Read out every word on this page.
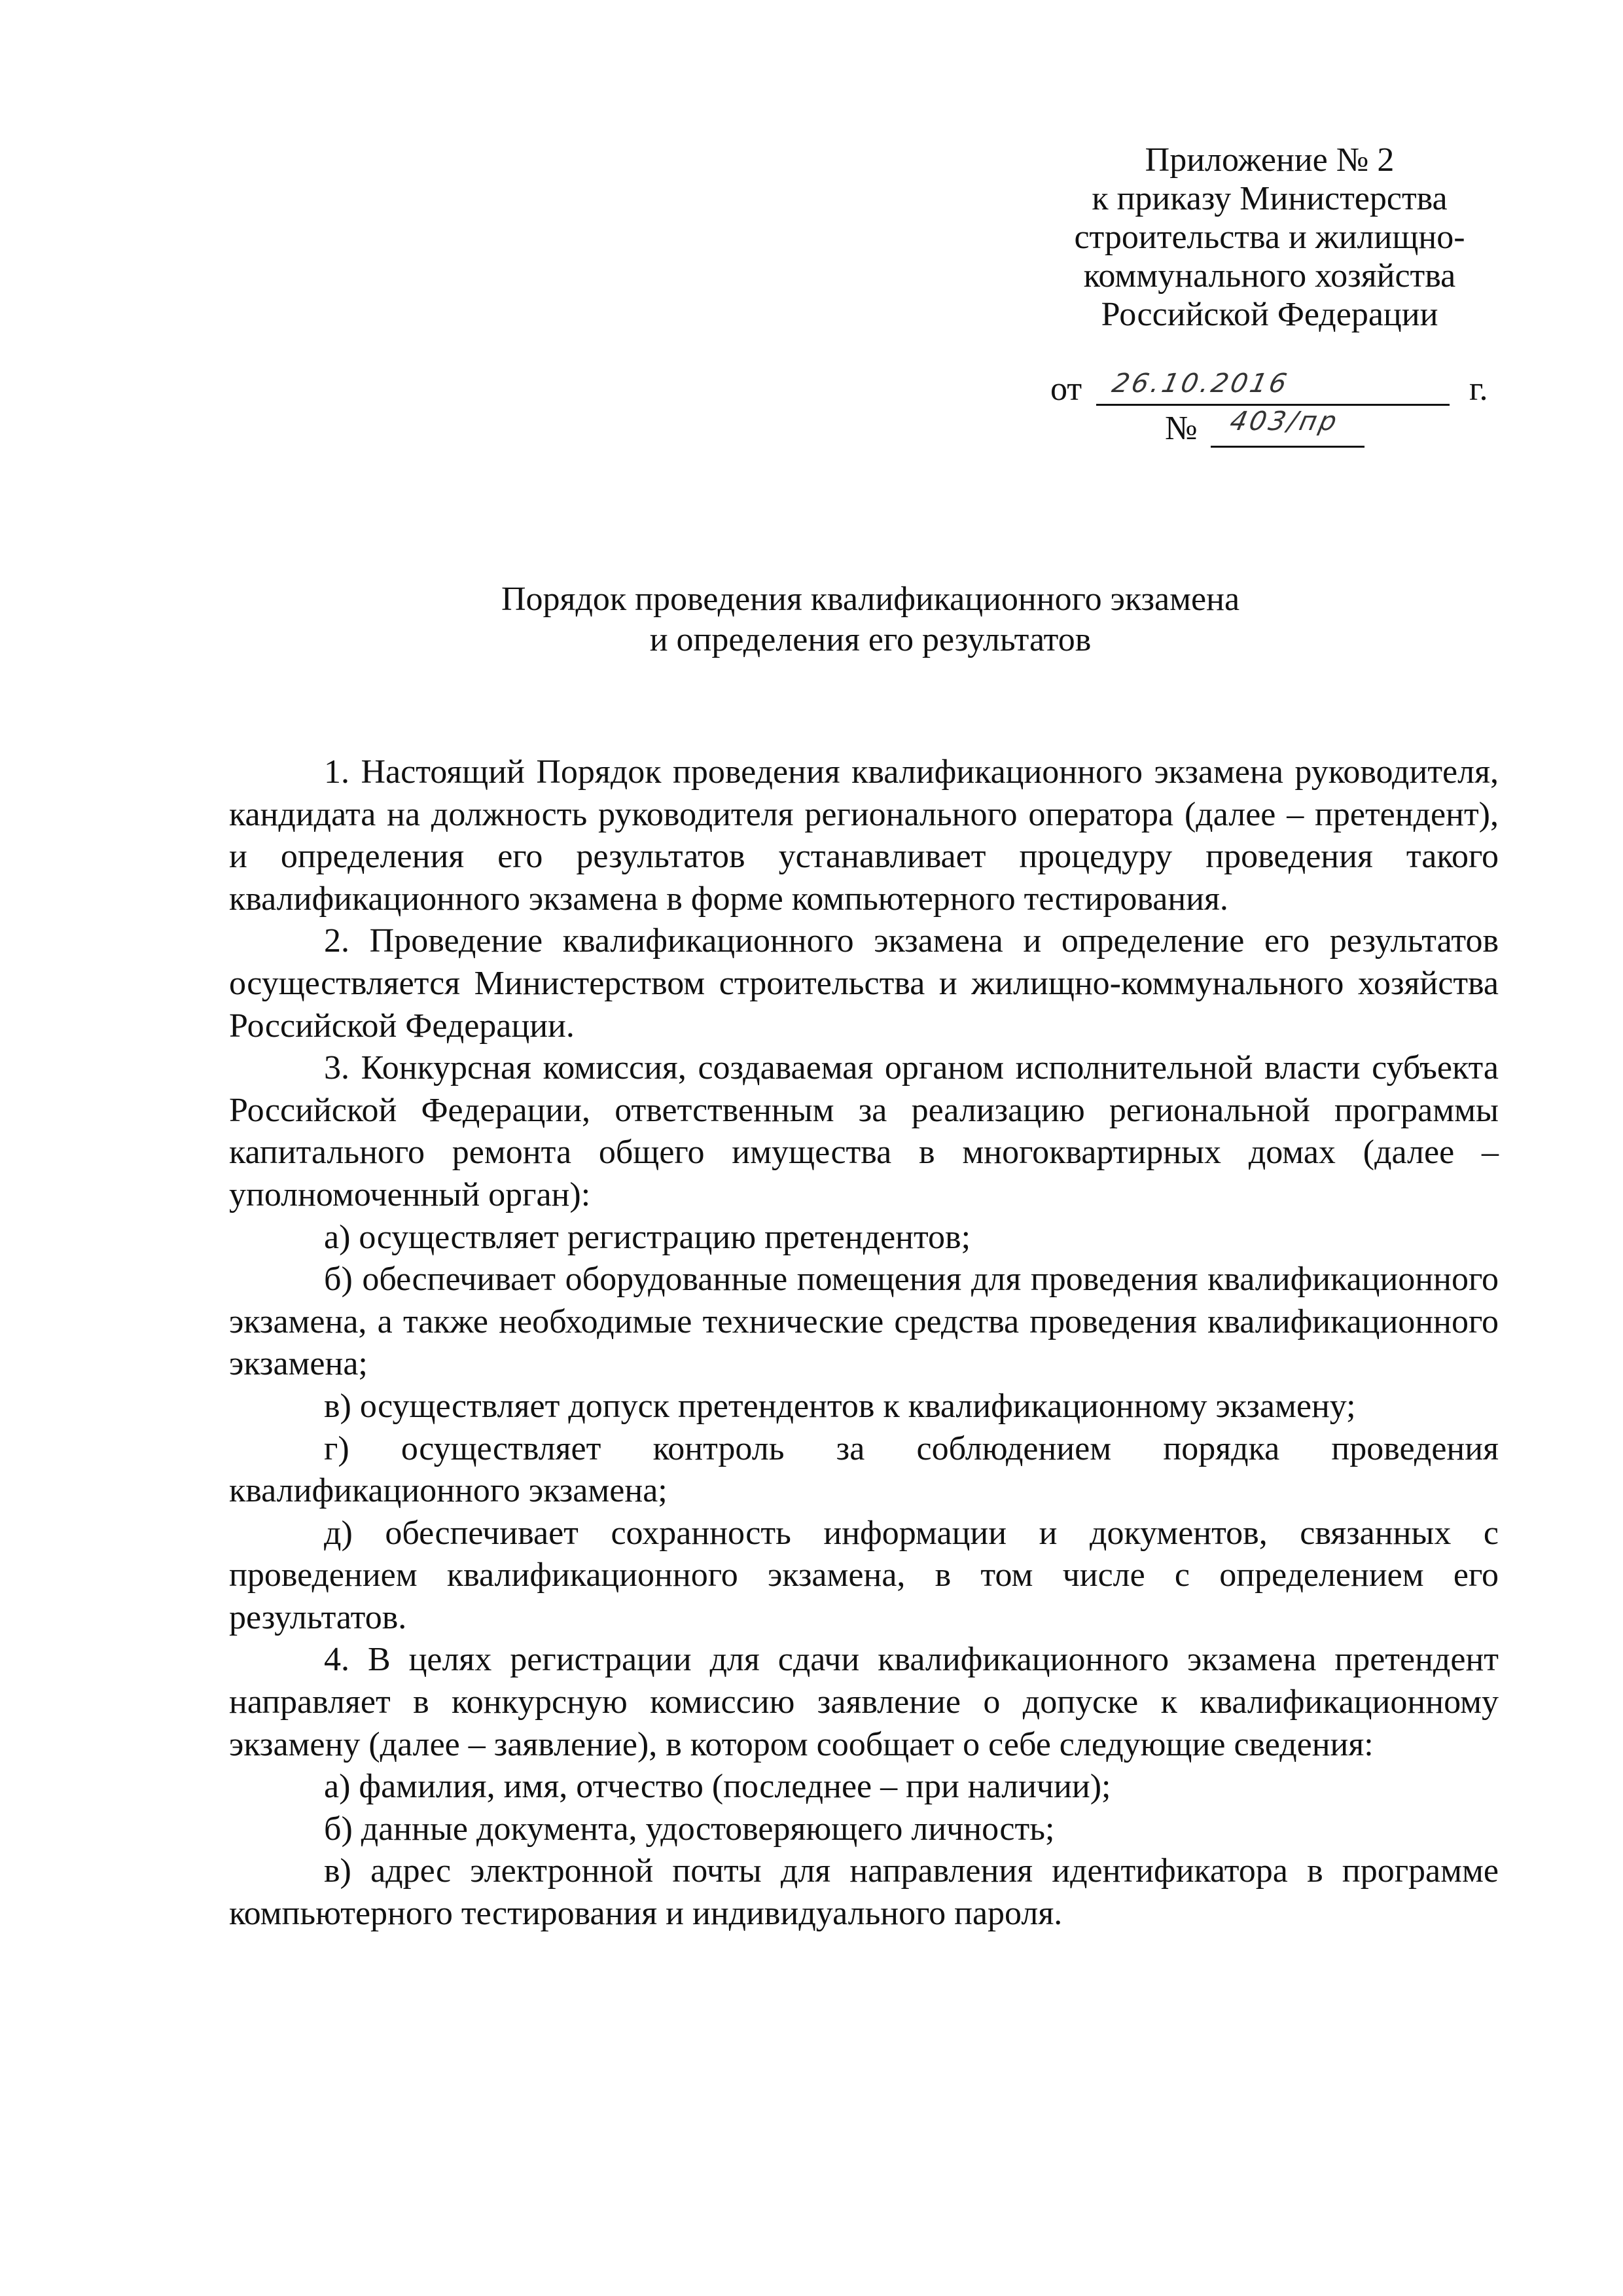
Приложение № 2
к приказу Министерства
строительства и жилищно-
коммунального хозяйства
Российской Федерации
от 26.10.2016	г.
№ 403/пр
Порядок проведения квалификационного экзамена
и определения его результатов

1. Настоящий Порядок проведения квалификационного экзамена руководителя, кандидата на должность руководителя регионального оператора (далее – претендент), и определения его результатов устанавливает процедуру проведения такого квалификационного экзамена в форме компьютерного тестирования.

2. Проведение квалификационного экзамена и определение его результатов осуществляется Министерством строительства и жилищно-коммунального хозяйства Российской Федерации.

3. Конкурсная комиссия, создаваемая органом исполнительной власти субъекта Российской Федерации, ответственным за реализацию региональной программы капитального ремонта общего имущества в многоквартирных домах (далее – уполномоченный орган):

а) осуществляет регистрацию претендентов;

б) обеспечивает оборудованные помещения для проведения квалификационного экзамена, а также необходимые технические средства проведения квалификационного экзамена;

в) осуществляет допуск претендентов к квалификационному экзамену;

г) осуществляет контроль за соблюдением порядка проведения квалификационного экзамена;

д) обеспечивает сохранность информации и документов, связанных с проведением квалификационного экзамена, в том числе с определением его результатов.

4. В целях регистрации для сдачи квалификационного экзамена претендент направляет в конкурсную комиссию заявление о допуске к квалификационному экзамену (далее – заявление), в котором сообщает о себе следующие сведения:

а) фамилия, имя, отчество (последнее – при наличии);

б) данные документа, удостоверяющего личность;

в) адрес электронной почты для направления идентификатора в программе компьютерного тестирования и индивидуального пароля.
